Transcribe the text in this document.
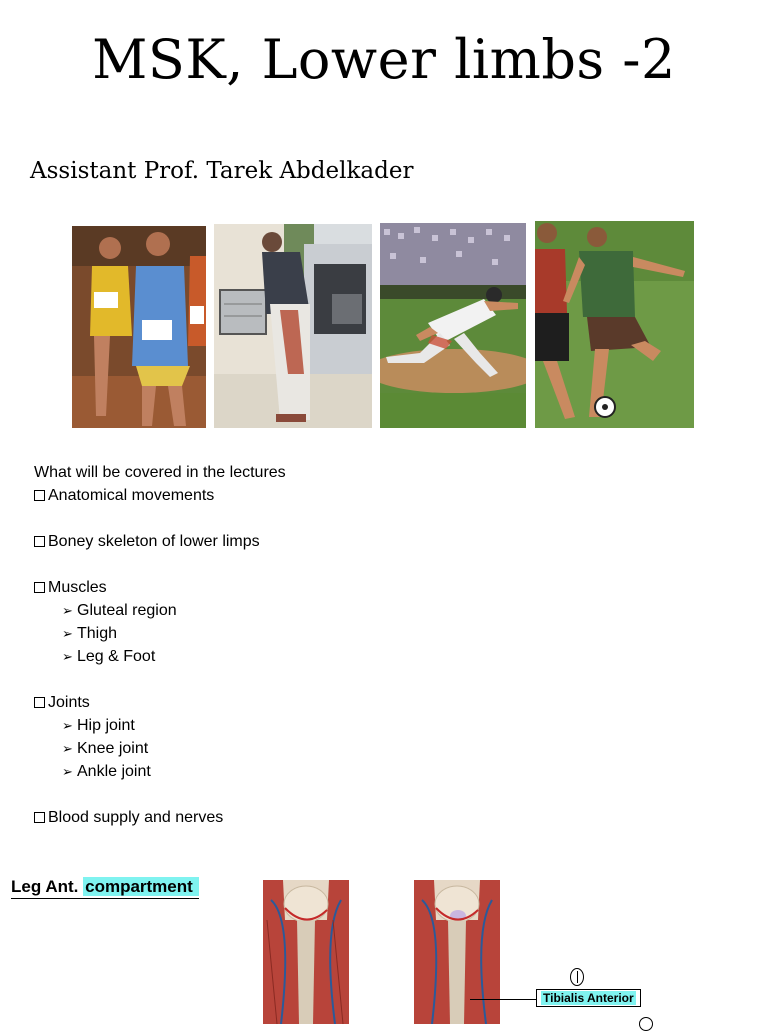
MSK, Lower limbs -2
Assistant Prof. Tarek Abdelkader
What will be covered in the lectures
Anatomical movements
Boney skeleton of lower limps
Muscles
➢ Gluteal region
➢ Thigh
➢ Leg & Foot
Joints
➢ Hip joint
➢ Knee joint
➢ Ankle joint
Blood supply and nerves
Leg Ant. compartment
Tibialis Anterior
